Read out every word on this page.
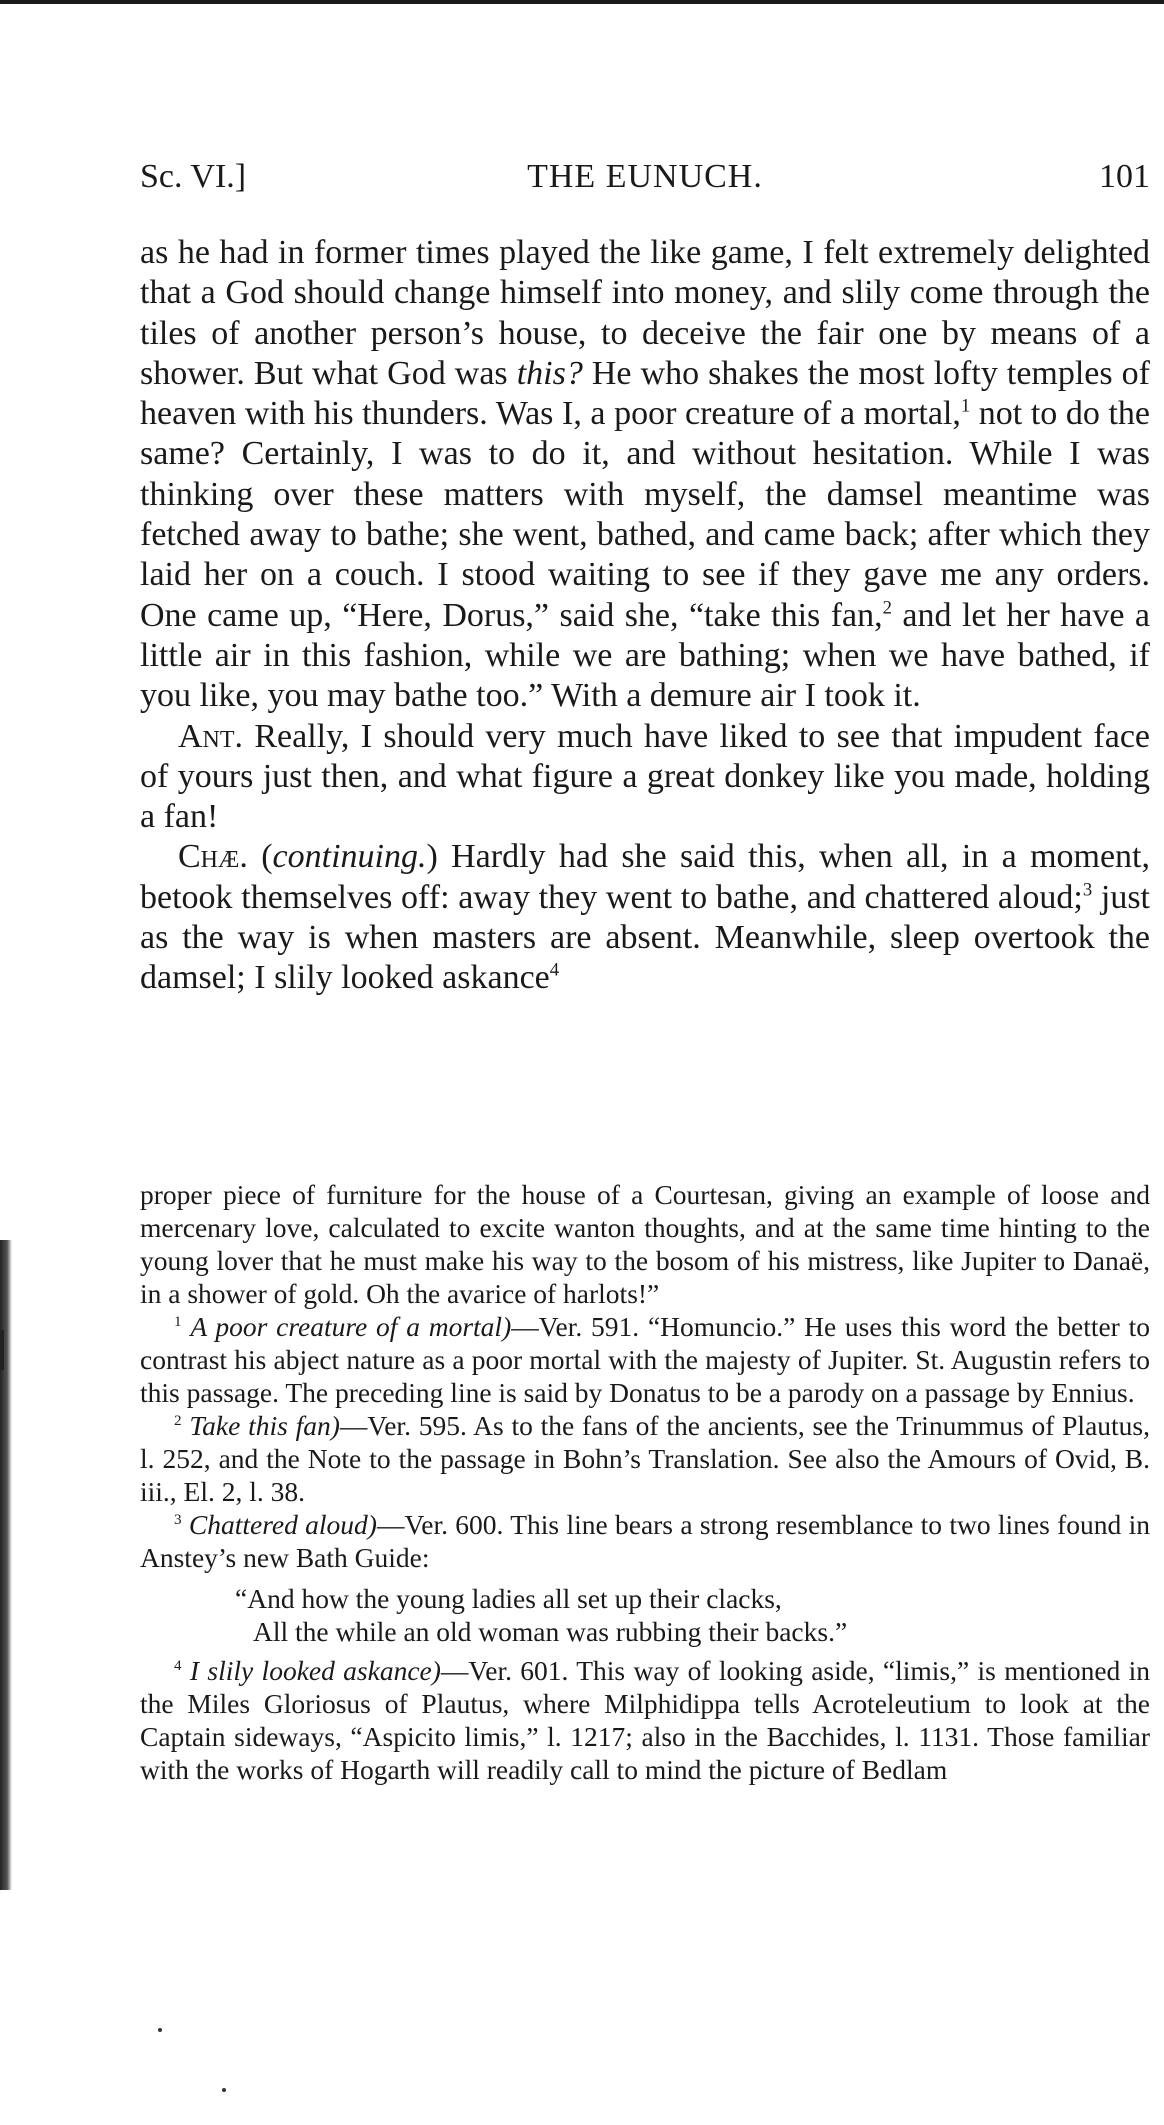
Sc. VI.]	THE EUNUCH.	101

as he had in former times played the like game, I felt extremely delighted that a God should change himself into money, and slily come through the tiles of another person’s house, to deceive the fair one by means of a shower. But what God was this? He who shakes the most lofty temples of heaven with his thunders. Was I, a poor creature of a mortal,$^1$ not to do the same? Certainly, I was to do it, and without hesitation. While I was thinking over these matters with myself, the damsel meantime was fetched away to bathe; she went, bathed, and came back; after which they laid her on a couch. I stood waiting to see if they gave me any orders. One came up, “Here, Dorus,” said she, “take this fan,$^2$ and let her have a little air in this fashion, while we are bathing; when we have bathed, if you like, you may bathe too.” With a demure air I took it.

Ant. Really, I should very much have liked to see that impudent face of yours just then, and what figure a great donkey like you made, holding a fan!

Chæ. (continuing.) Hardly had she said this, when all, in a moment, betook themselves off: away they went to bathe, and chattered aloud;$^3$ just as the way is when masters are absent. Meanwhile, sleep overtook the damsel; I slily looked askance$^4$

proper piece of furniture for the house of a Courtesan, giving an example of loose and mercenary love, calculated to excite wanton thoughts, and at the same time hinting to the young lover that he must make his way to the bosom of his mistress, like Jupiter to Danaë, in a shower of gold. Oh the avarice of harlots!”

$^1$ A poor creature of a mortal)—Ver. 591. “Homuncio.” He uses this word the better to contrast his abject nature as a poor mortal with the majesty of Jupiter. St. Augustin refers to this passage. The preceding line is said by Donatus to be a parody on a passage by Ennius.

$^2$ Take this fan)—Ver. 595. As to the fans of the ancients, see the Trinummus of Plautus, l. 252, and the Note to the passage in Bohn’s Translation. See also the Amours of Ovid, B. iii., El. 2, l. 38.

$^3$ Chattered aloud)—Ver. 600. This line bears a strong resemblance to two lines found in Anstey’s new Bath Guide:

“And how the young ladies all set up their clacks,
All the while an old woman was rubbing their backs.”

$^4$ I slily looked askance)—Ver. 601. This way of looking aside, “limis,” is mentioned in the Miles Gloriosus of Plautus, where Milphidippa tells Acroteleutium to look at the Captain sideways, “Aspicito limis,” l. 1217; also in the Bacchides, l. 1131. Those familiar with the works of Hogarth will readily call to mind the picture of Bedlam
